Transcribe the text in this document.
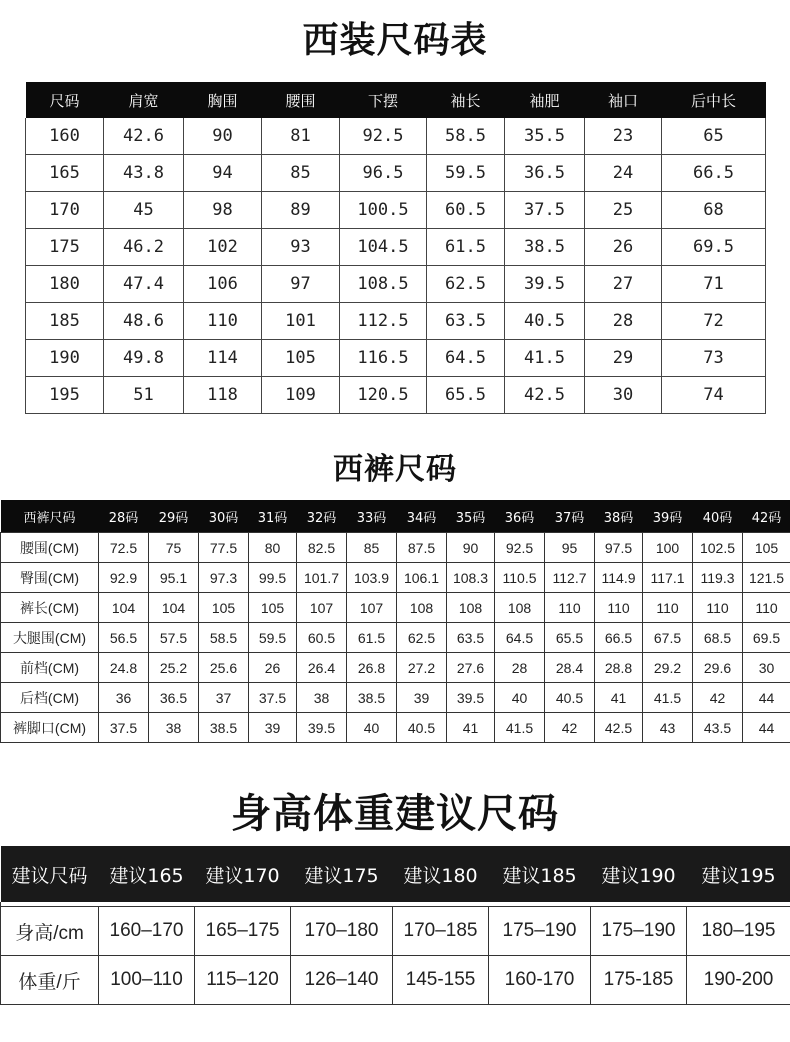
西装尺码表
尺码	肩宽	胸围	腰围	下摆	袖长	袖肥	袖口	后中长
160	42.6	90	81	92.5	58.5	35.5	23	65
165	43.8	94	85	96.5	59.5	36.5	24	66.5
170	45	98	89	100.5	60.5	37.5	25	68
175	46.2	102	93	104.5	61.5	38.5	26	69.5
180	47.4	106	97	108.5	62.5	39.5	27	71
185	48.6	110	101	112.5	63.5	40.5	28	72
190	49.8	114	105	116.5	64.5	41.5	29	73
195	51	118	109	120.5	65.5	42.5	30	74
西裤尺码
西裤尺码	28码	29码	30码	31码	32码	33码	34码	35码	36码	37码	38码	39码	40码	42码
腰围(CM)	72.5	75	77.5	80	82.5	85	87.5	90	92.5	95	97.5	100	102.5	105
臀围(CM)	92.9	95.1	97.3	99.5	101.7	103.9	106.1	108.3	110.5	112.7	114.9	117.1	119.3	121.5
裤长(CM)	104	104	105	105	107	107	108	108	108	110	110	110	110	110
大腿围(CM)	56.5	57.5	58.5	59.5	60.5	61.5	62.5	63.5	64.5	65.5	66.5	67.5	68.5	69.5
前档(CM)	24.8	25.2	25.6	26	26.4	26.8	27.2	27.6	28	28.4	28.8	29.2	29.6	30
后档(CM)	36	36.5	37	37.5	38	38.5	39	39.5	40	40.5	41	41.5	42	44
裤脚口(CM)	37.5	38	38.5	39	39.5	40	40.5	41	41.5	42	42.5	43	43.5	44
身高体重建议尺码
建议尺码	建议165	建议170	建议175	建议180	建议185	建议190	建议195

身高/cm	160–170	165–175	170–180	170–185	175–190	175–190	180–195
体重/斤	100–110	115–120	126–140	145-155	160-170	175-185	190-200
